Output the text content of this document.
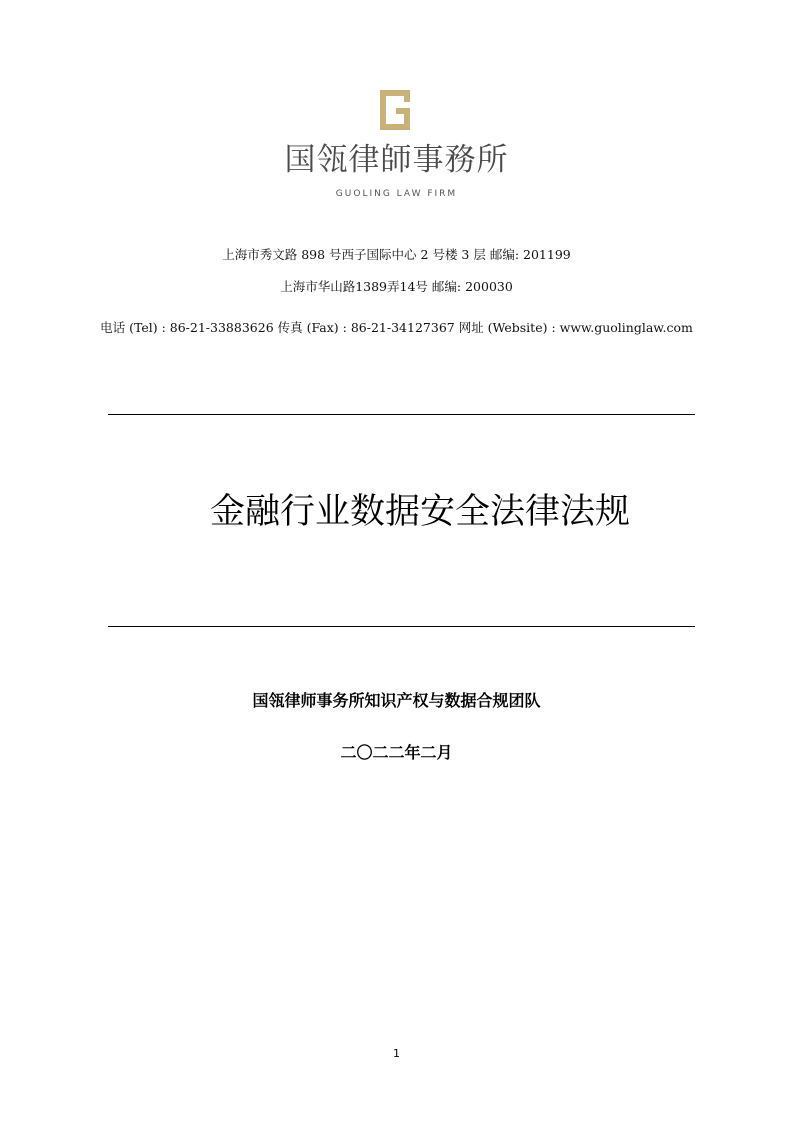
国瓴律師事務所
GUOLING LAW FIRM
上海市秀文路 898 号西子国际中心 2 号楼 3 层 邮编: 201199
上海市华山路1389弄14号 邮编: 200030
电话 (Tel) : 86-21-33883626 传真 (Fax) : 86-21-34127367 网址 (Website) : www.guolinglaw.com
金融行业数据安全法律法规
国瓴律师事务所知识产权与数据合规团队
二〇二二年二月
1
